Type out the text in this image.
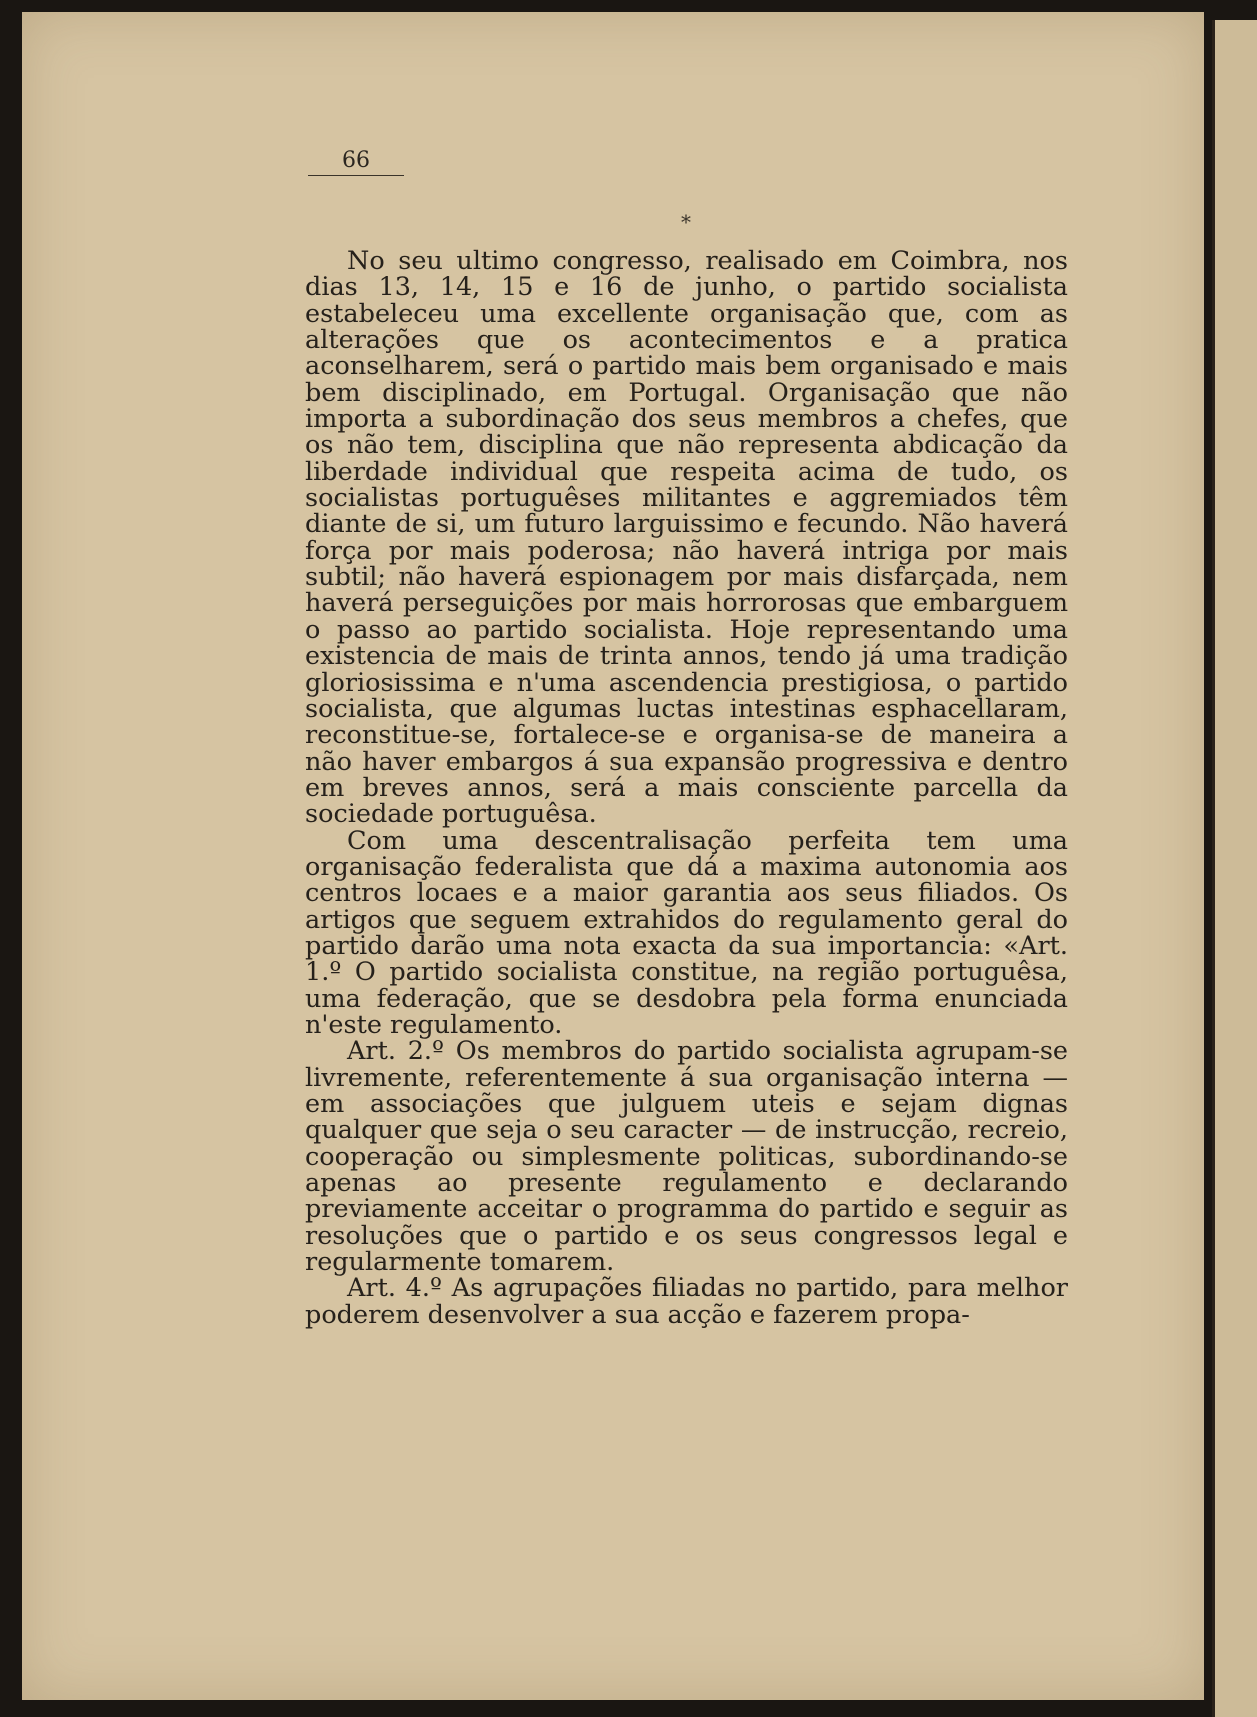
66
*

No seu ultimo congresso, realisado em Coimbra, nos dias 13, 14, 15 e 16 de junho, o partido socialista estabeleceu uma excellente organisação que, com as alterações que os acontecimentos e a pratica aconselharem, será o partido mais bem organisado e mais bem disciplinado, em Portugal. Organisação que não importa a subordinação dos seus membros a chefes, que os não tem, disciplina que não representa abdicação da liberdade individual que respeita acima de tudo, os socialistas portuguêses militantes e aggremiados têm diante de si, um futuro larguissimo e fecundo. Não haverá força por mais poderosa; não haverá intriga por mais subtil; não haverá espionagem por mais disfarçada, nem haverá perseguições por mais horrorosas que embarguem o passo ao partido socialista. Hoje representando uma existencia de mais de trinta annos, tendo já uma tradição gloriosissima e n'uma ascendencia prestigiosa, o partido socialista, que algumas luctas intestinas esphacellaram, reconstitue-se, fortalece-se e organisa-se de maneira a não haver embargos á sua expansão progressiva e dentro em breves annos, será a mais consciente parcella da sociedade portuguêsa.

Com uma descentralisação perfeita tem uma organisação federalista que dá a maxima autonomia aos centros locaes e a maior garantia aos seus filiados. Os artigos que seguem extrahidos do regulamento geral do partido darão uma nota exacta da sua importancia: «Art. 1.º O partido socialista constitue, na região portuguêsa, uma federação, que se desdobra pela forma enunciada n'este regulamento.

Art. 2.º Os membros do partido socialista agrupam-se livremente, referentemente á sua organisação interna — em associações que julguem uteis e sejam dignas qualquer que seja o seu caracter — de instrucção, recreio, cooperação ou simplesmente politicas, subordinando-se apenas ao presente regulamento e declarando previamente acceitar o programma do partido e seguir as resoluções que o partido e os seus congressos legal e regularmente tomarem.

Art. 4.º As agrupações filiadas no partido, para melhor poderem desenvolver a sua acção e fazerem propa-
